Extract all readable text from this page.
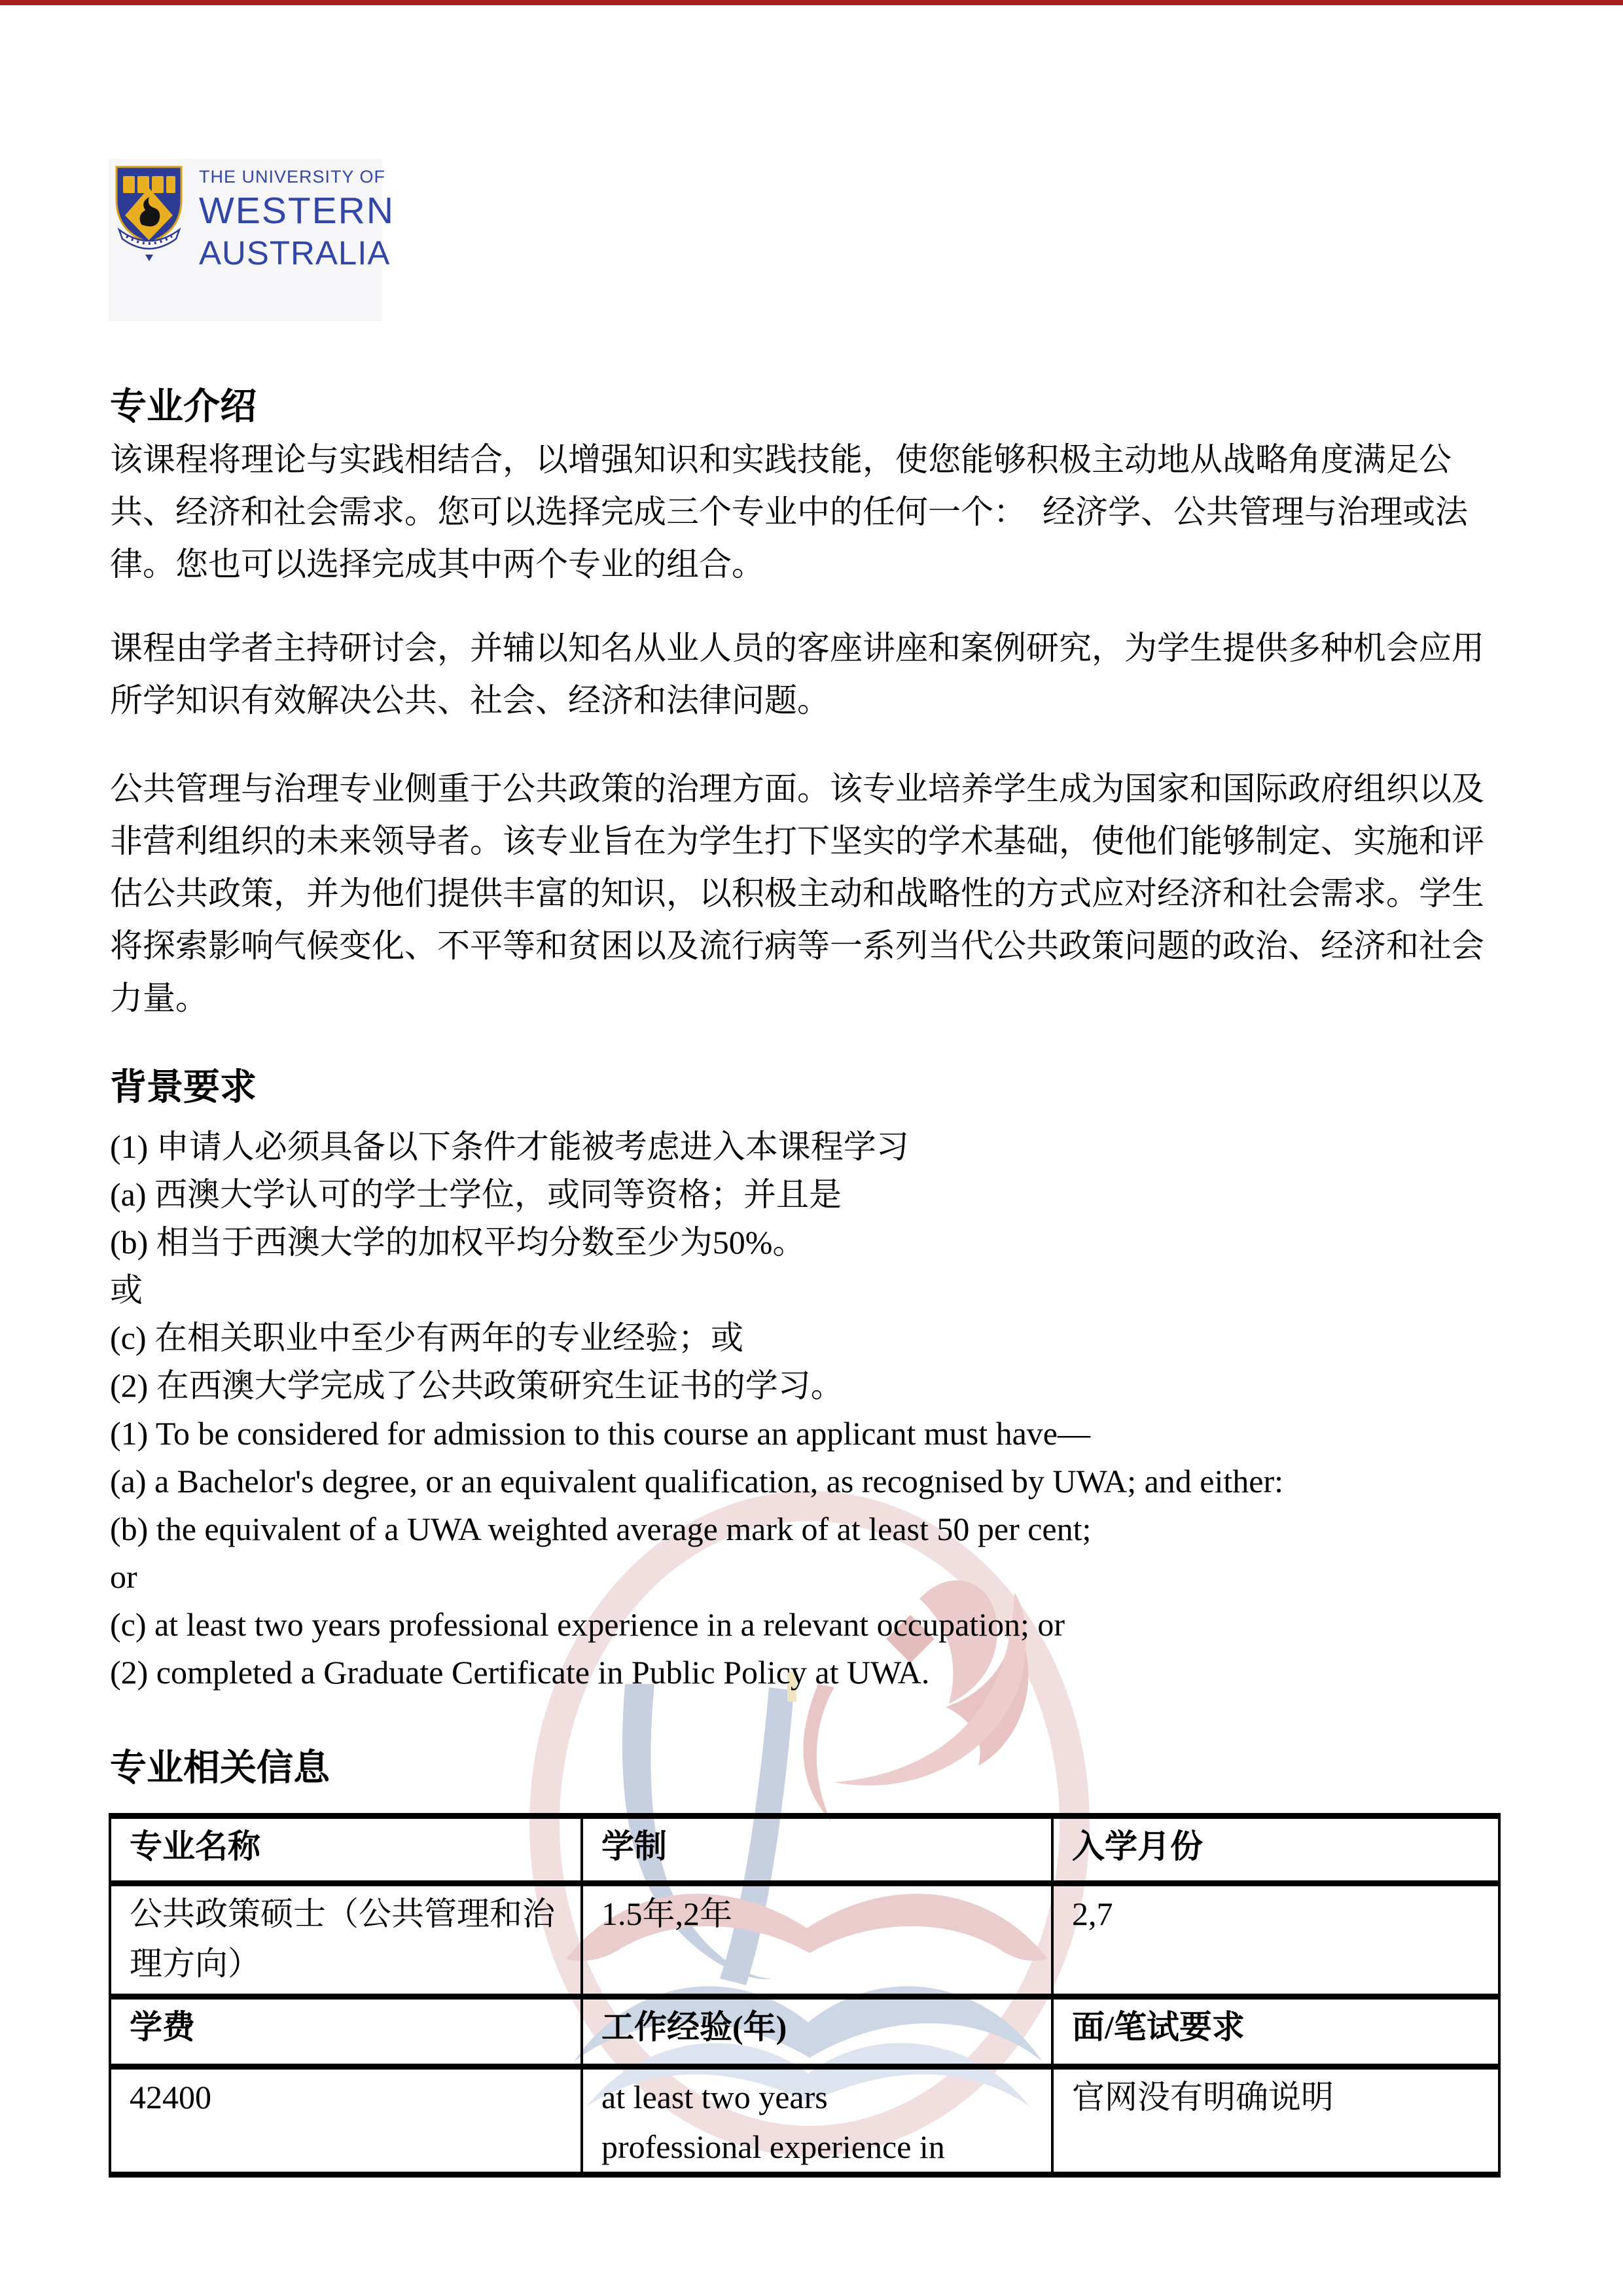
THE UNIVERSITY OF
WESTERN
AUSTRALIA
专业介绍
该课程将理论与实践相结合，以增强知识和实践技能，使您能够积极主动地从战略角度满足公共、经济和社会需求。您可以选择完成三个专业中的任何一个：　经济学、公共管理与治理或法律。您也可以选择完成其中两个专业的组合。
课程由学者主持研讨会，并辅以知名从业人员的客座讲座和案例研究，为学生提供多种机会应用所学知识有效解决公共、社会、经济和法律问题。
公共管理与治理专业侧重于公共政策的治理方面。该专业培养学生成为国家和国际政府组织以及非营利组织的未来领导者。该专业旨在为学生打下坚实的学术基础，使他们能够制定、实施和评估公共政策，并为他们提供丰富的知识，以积极主动和战略性的方式应对经济和社会需求。学生将探索影响气候变化、不平等和贫困以及流行病等一系列当代公共政策问题的政治、经济和社会力量。
背景要求
(1) 申请人必须具备以下条件才能被考虑进入本课程学习
(a) 西澳大学认可的学士学位，或同等资格；并且是
(b) 相当于西澳大学的加权平均分数至少为50%。
或
(c) 在相关职业中至少有两年的专业经验；或
(2) 在西澳大学完成了公共政策研究生证书的学习。
(1) To be considered for admission to this course an applicant must have—
(a) a Bachelor's degree, or an equivalent qualification, as recognised by UWA; and either:
(b) the equivalent of a UWA weighted average mark of at least 50 per cent;
or
(c) at least two years professional experience in a relevant occupation; or
(2) completed a Graduate Certificate in Public Policy at UWA.
专业相关信息
专业名称	学制	入学月份
公共政策硕士（公共管理和治理方向）	1.5年,2年	2,7
学费	工作经验(年)	面/笔试要求
42400	at least two years professional experience in	官网没有明确说明
